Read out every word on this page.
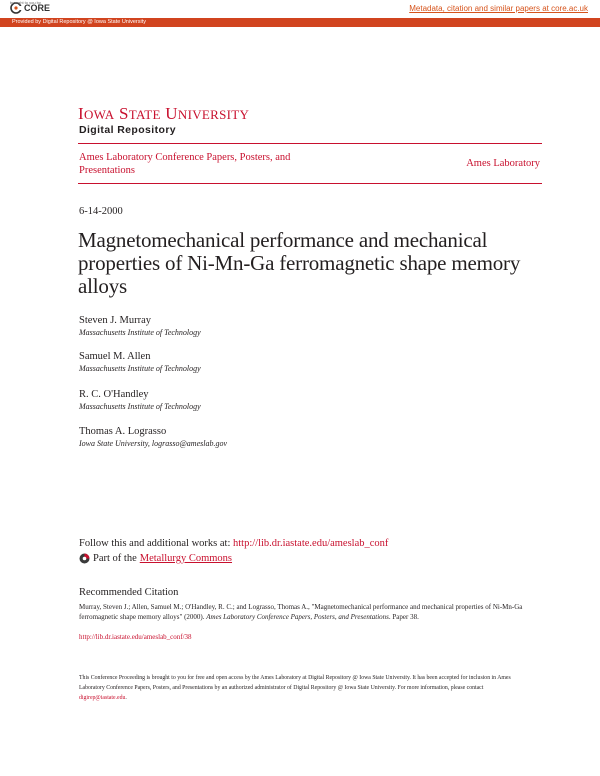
CORE
brought to you by
Metadata, citation and similar papers at core.ac.uk
Provided by Digital Repository @ Iowa State University
IOWA STATE UNIVERSITY
Digital Repository
Ames Laboratory Conference Papers, Posters, and Presentations
Ames Laboratory
6-14-2000
Magnetomechanical performance and mechanical properties of Ni-Mn-Ga ferromagnetic shape memory alloys
Steven J. Murray
Massachusetts Institute of Technology
Samuel M. Allen
Massachusetts Institute of Technology
R. C. O'Handley
Massachusetts Institute of Technology
Thomas A. Lograsso
Iowa State University, lograsso@ameslab.gov
Follow this and additional works at: http://lib.dr.iastate.edu/ameslab_conf
Part of the Metallurgy Commons
Recommended Citation
Murray, Steven J.; Allen, Samuel M.; O'Handley, R. C.; and Lograsso, Thomas A., "Magnetomechanical performance and mechanical properties of Ni-Mn-Ga ferromagnetic shape memory alloys" (2000). Ames Laboratory Conference Papers, Posters, and Presentations. Paper 38.
http://lib.dr.iastate.edu/ameslab_conf/38
This Conference Proceeding is brought to you for free and open access by the Ames Laboratory at Digital Repository @ Iowa State University. It has been accepted for inclusion in Ames Laboratory Conference Papers, Posters, and Presentations by an authorized administrator of Digital Repository @ Iowa State University. For more information, please contact digirep@iastate.edu.
